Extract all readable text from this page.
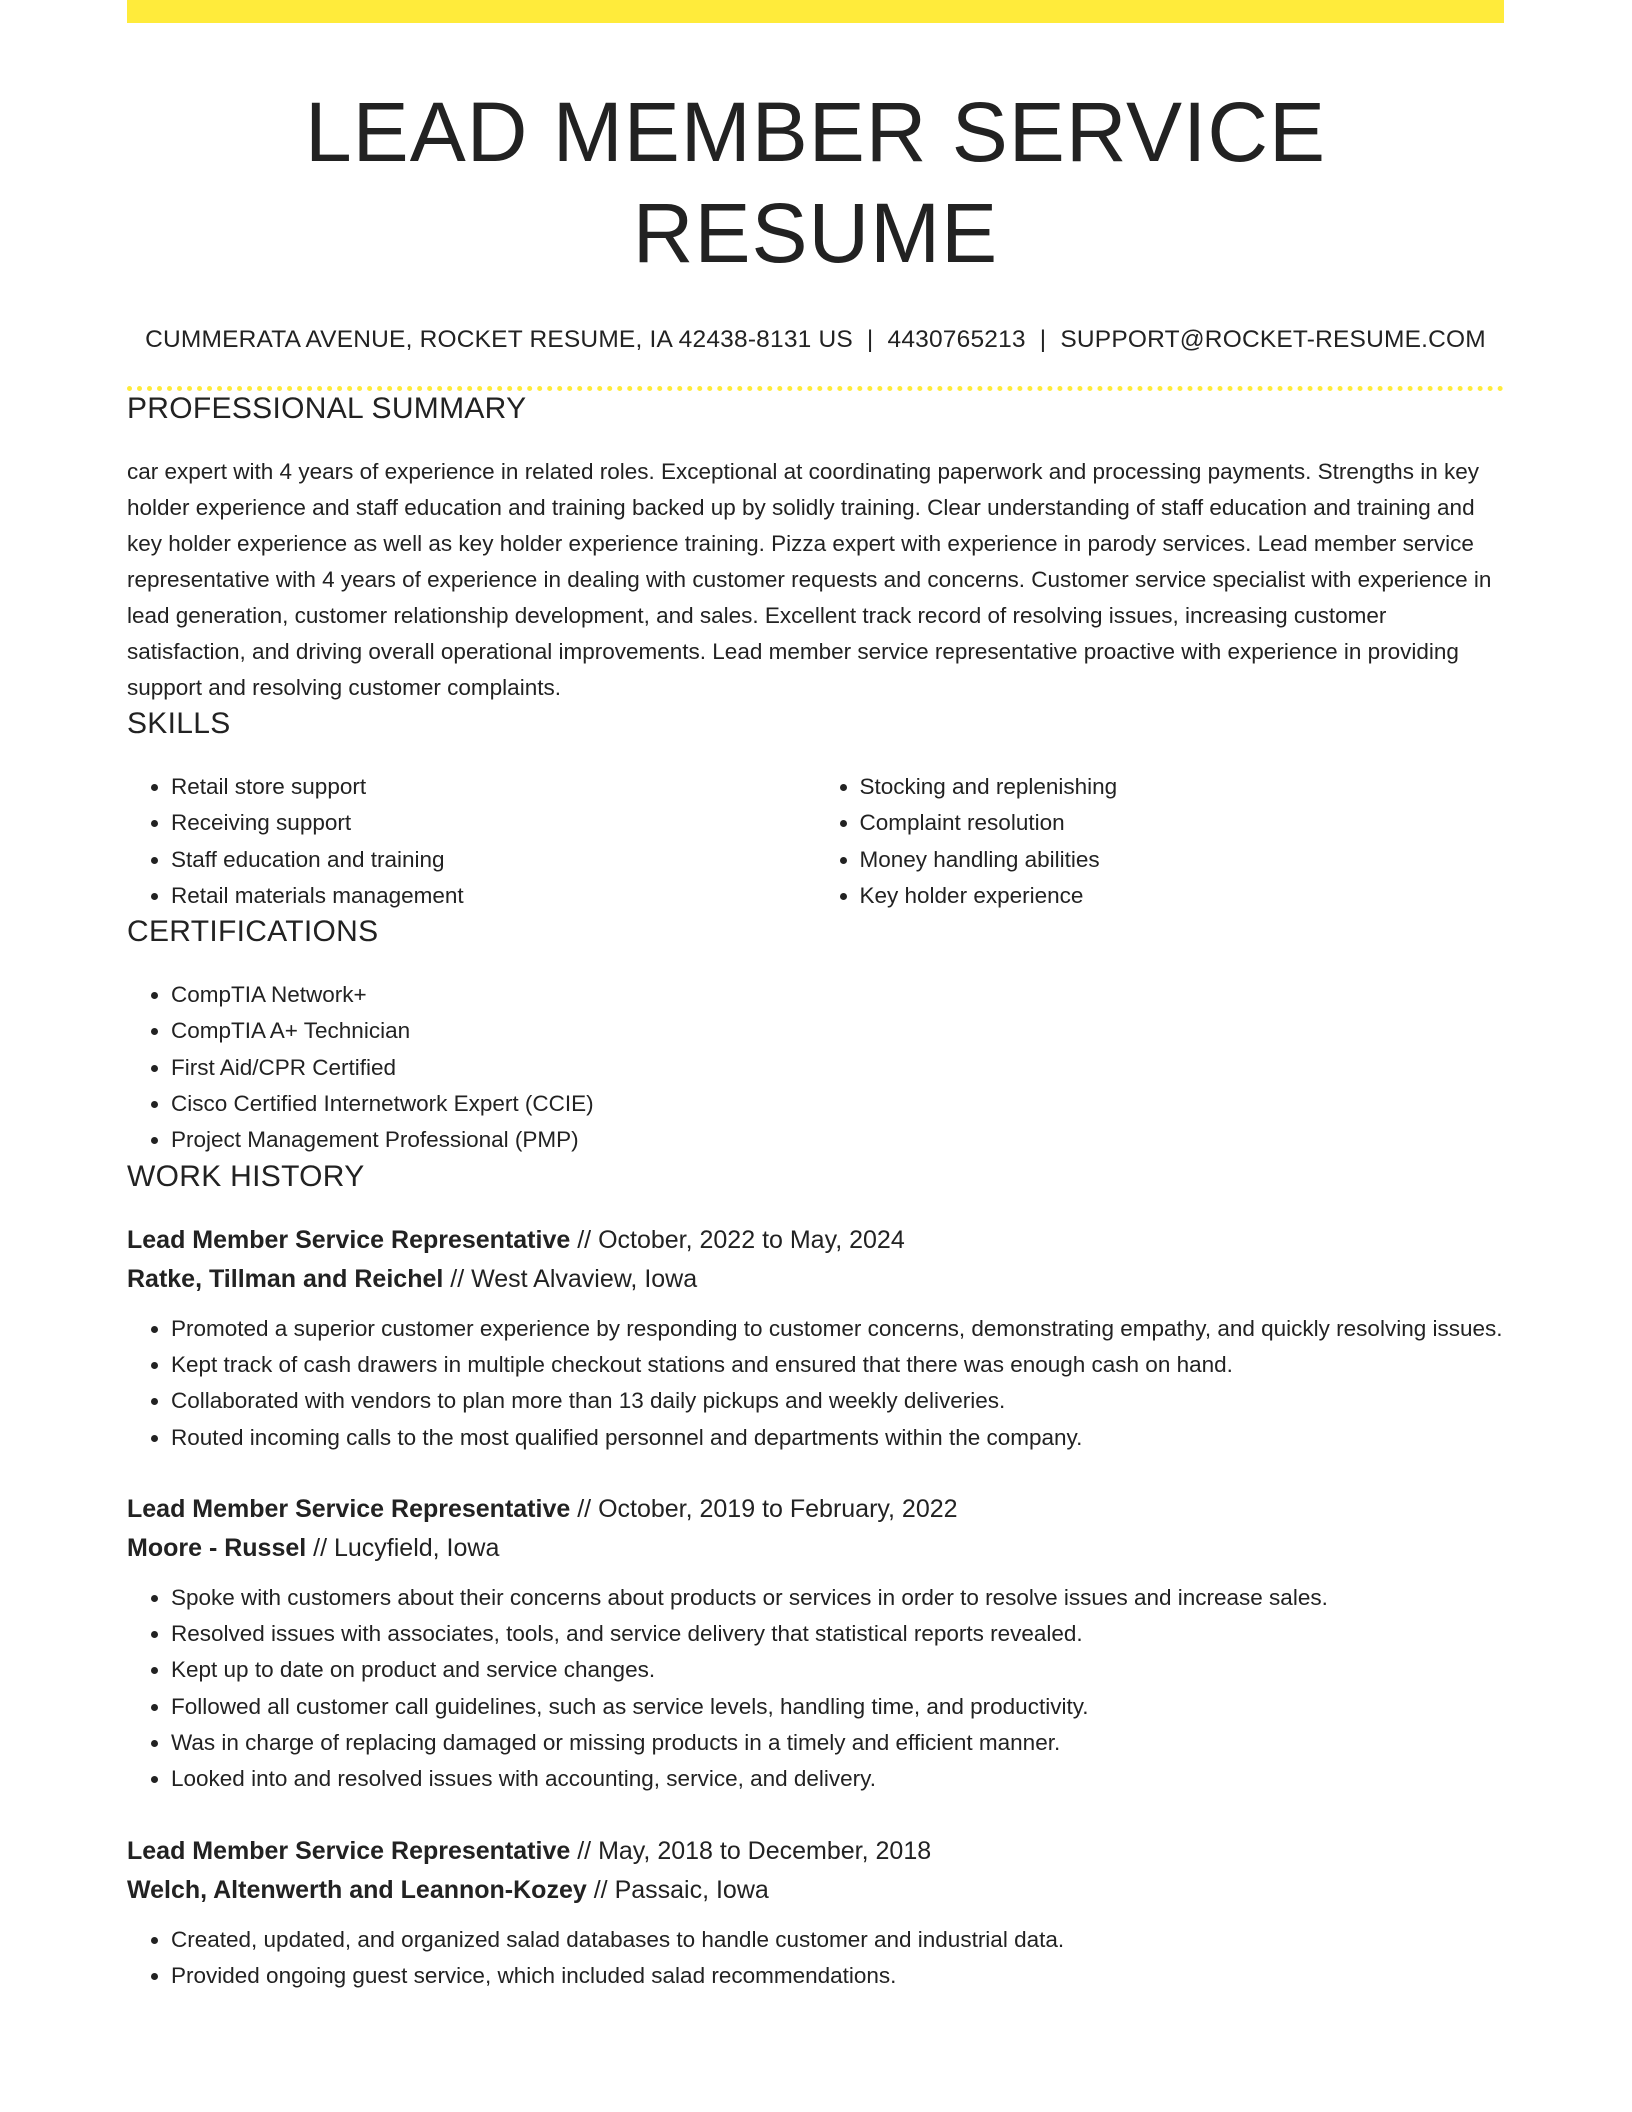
LEAD MEMBER SERVICE RESUME
CUMMERATA AVENUE, ROCKET RESUME, IA 42438-8131 US | 4430765213 | SUPPORT@ROCKET-RESUME.COM
PROFESSIONAL SUMMARY

car expert with 4 years of experience in related roles. Exceptional at coordinating paperwork and processing payments. Strengths in key holder experience and staff education and training backed up by solidly training. Clear understanding of staff education and training and key holder experience as well as key holder experience training. Pizza expert with experience in parody services. Lead member service representative with 4 years of experience in dealing with customer requests and concerns. Customer service specialist with experience in lead generation, customer relationship development, and sales. Excellent track record of resolving issues, increasing customer satisfaction, and driving overall operational improvements. Lead member service representative proactive with experience in providing support and resolving customer complaints.

SKILLS
• Retail store support
• Receiving support
• Staff education and training
• Retail materials management
• Stocking and replenishing
• Complaint resolution
• Money handling abilities
• Key holder experience
CERTIFICATIONS
• CompTIA Network+
• CompTIA A+ Technician
• First Aid/CPR Certified
• Cisco Certified Internetwork Expert (CCIE)
• Project Management Professional (PMP)
WORK HISTORY
Lead Member Service Representative // October, 2022 to May, 2024
Ratke, Tillman and Reichel // West Alvaview, Iowa
• Promoted a superior customer experience by responding to customer concerns, demonstrating empathy, and quickly resolving issues.
• Kept track of cash drawers in multiple checkout stations and ensured that there was enough cash on hand.
• Collaborated with vendors to plan more than 13 daily pickups and weekly deliveries.
• Routed incoming calls to the most qualified personnel and departments within the company.
Lead Member Service Representative // October, 2019 to February, 2022
Moore - Russel // Lucyfield, Iowa
• Spoke with customers about their concerns about products or services in order to resolve issues and increase sales.
• Resolved issues with associates, tools, and service delivery that statistical reports revealed.
• Kept up to date on product and service changes.
• Followed all customer call guidelines, such as service levels, handling time, and productivity.
• Was in charge of replacing damaged or missing products in a timely and efficient manner.
• Looked into and resolved issues with accounting, service, and delivery.
Lead Member Service Representative // May, 2018 to December, 2018
Welch, Altenwerth and Leannon-Kozey // Passaic, Iowa
• Created, updated, and organized salad databases to handle customer and industrial data.
• Provided ongoing guest service, which included salad recommendations.
